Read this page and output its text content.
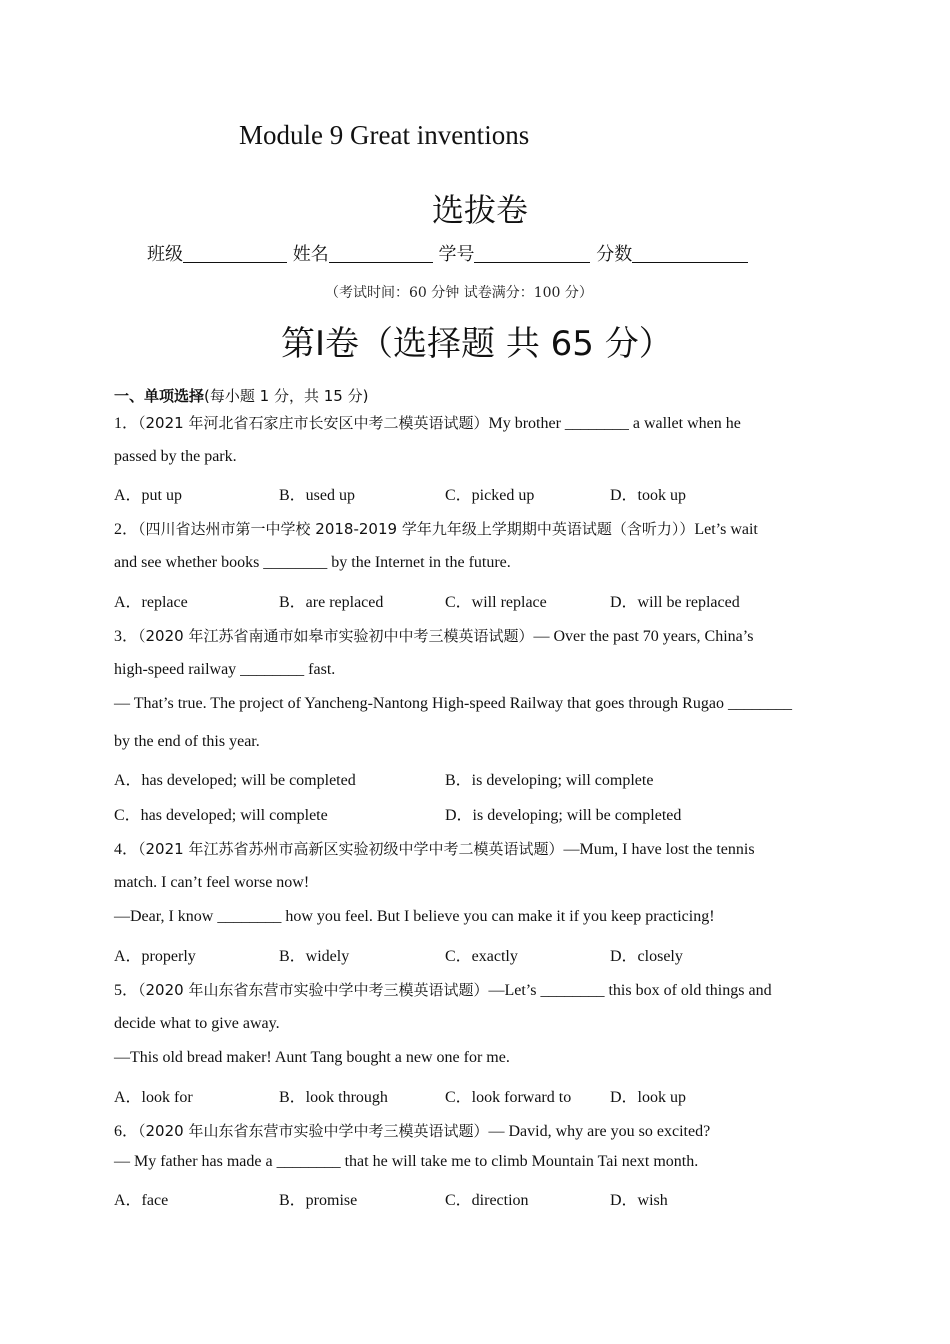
Module 9 Great inventions
选拔卷
班级	姓名	学号	分数
（考试时间：60 分钟 试卷满分：100 分）
第I卷（选择题 共 65 分）
一、单项选择(每小题 1 分，共 15 分)
1．（2021 年河北省石家庄市长安区中考二模英语试题）My brother ________ a wallet when he
passed by the park.
A．put up	B．used up	C．picked up	D．took up
2．（四川省达州市第一中学校 2018-2019 学年九年级上学期期中英语试题（含听力））Let’s wait
and see whether books ________ by the Internet in the future.
A．replace	B．are replaced	C．will replace	D．will be replaced
3．（2020 年江苏省南通市如皋市实验初中中考三模英语试题）— Over the past 70 years, China’s
high-speed railway ________ fast.
— That’s true. The project of Yancheng-Nantong High-speed Railway that goes through Rugao ________
by the end of this year.
A．has developed; will be completed	B．is developing; will complete
C．has developed; will complete	D．is developing; will be completed
4．（2021 年江苏省苏州市高新区实验初级中学中考二模英语试题）—Mum, I have lost the tennis
match. I can’t feel worse now!
—Dear, I know ________ how you feel. But I believe you can make it if you keep practicing!
A．properly	B．widely	C．exactly	D．closely
5．（2020 年山东省东营市实验中学中考三模英语试题）—Let’s ________ this box of old things and
decide what to give away.
—This old bread maker! Aunt Tang bought a new one for me.
A．look for	B．look through	C．look forward to D．look up
6．（2020 年山东省东营市实验中学中考三模英语试题）— David, why are you so excited?
— My father has made a ________ that he will take me to climb Mountain Tai next month.
A．face	B．promise	C．direction	D．wish
